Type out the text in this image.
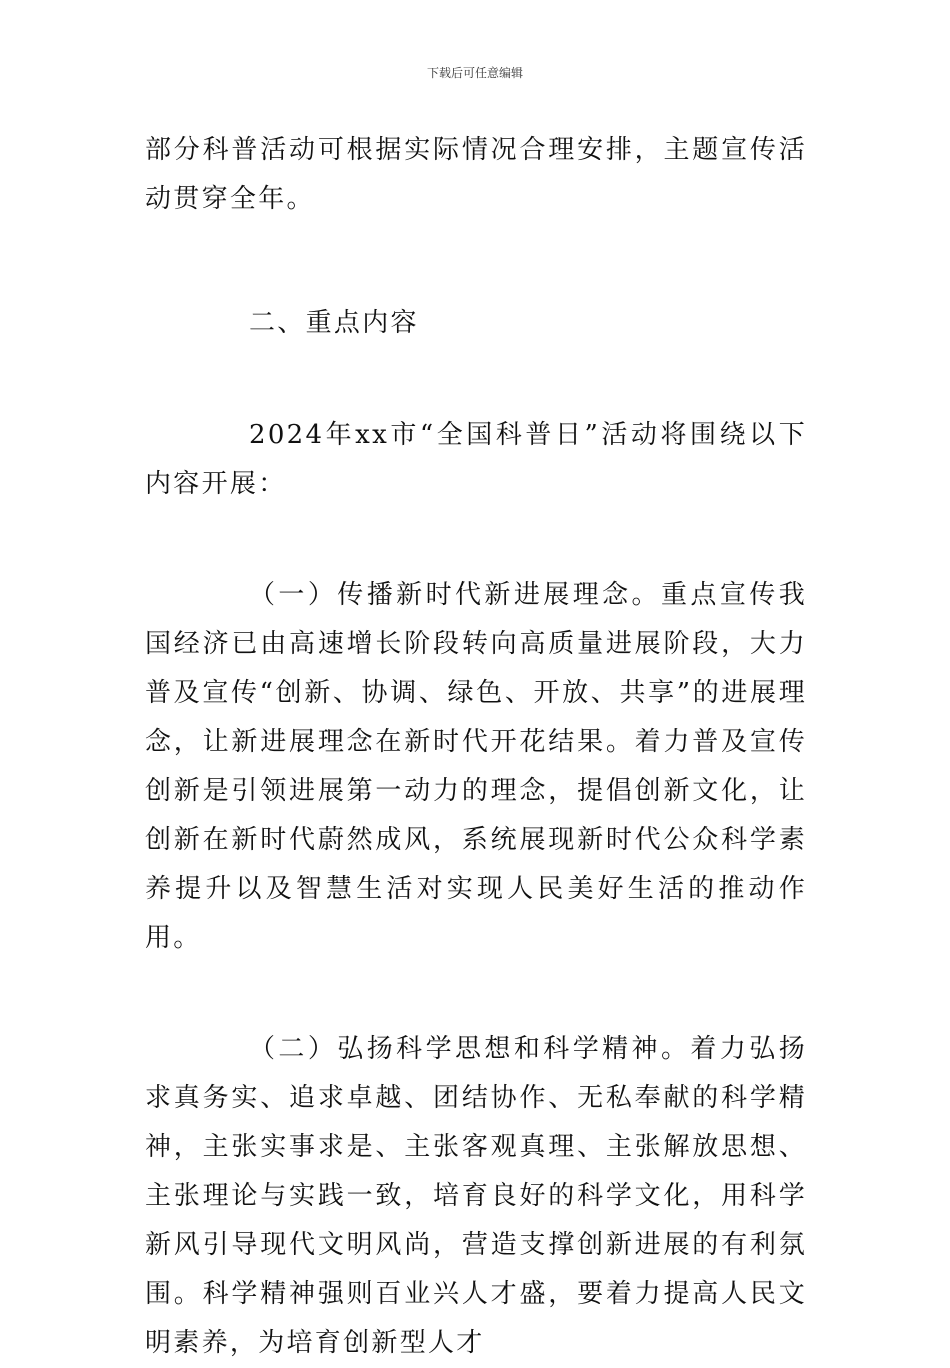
下载后可任意编辑

部分科普活动可根据实际情况合理安排，主题宣传活动贯穿全年。

二、重点内容

2024年xx市“全国科普日”活动将围绕以下内容开展：

（一）传播新时代新进展理念。重点宣传我国经济已由高速增长阶段转向高质量进展阶段，大力普及宣传“创新、协调、绿色、开放、共享”的进展理念，让新进展理念在新时代开花结果。着力普及宣传创新是引领进展第一动力的理念，提倡创新文化，让创新在新时代蔚然成风，系统展现新时代公众科学素养提升以及智慧生活对实现人民美好生活的推动作用。

（二）弘扬科学思想和科学精神。着力弘扬求真务实、追求卓越、团结协作、无私奉献的科学精神，主张实事求是、主张客观真理、主张解放思想、主张理论与实践一致，培育良好的科学文化，用科学新风引导现代文明风尚，营造支撑创新进展的有利氛围。科学精神强则百业兴人才盛，要着力提高人民文明素养，为培育创新型人才
